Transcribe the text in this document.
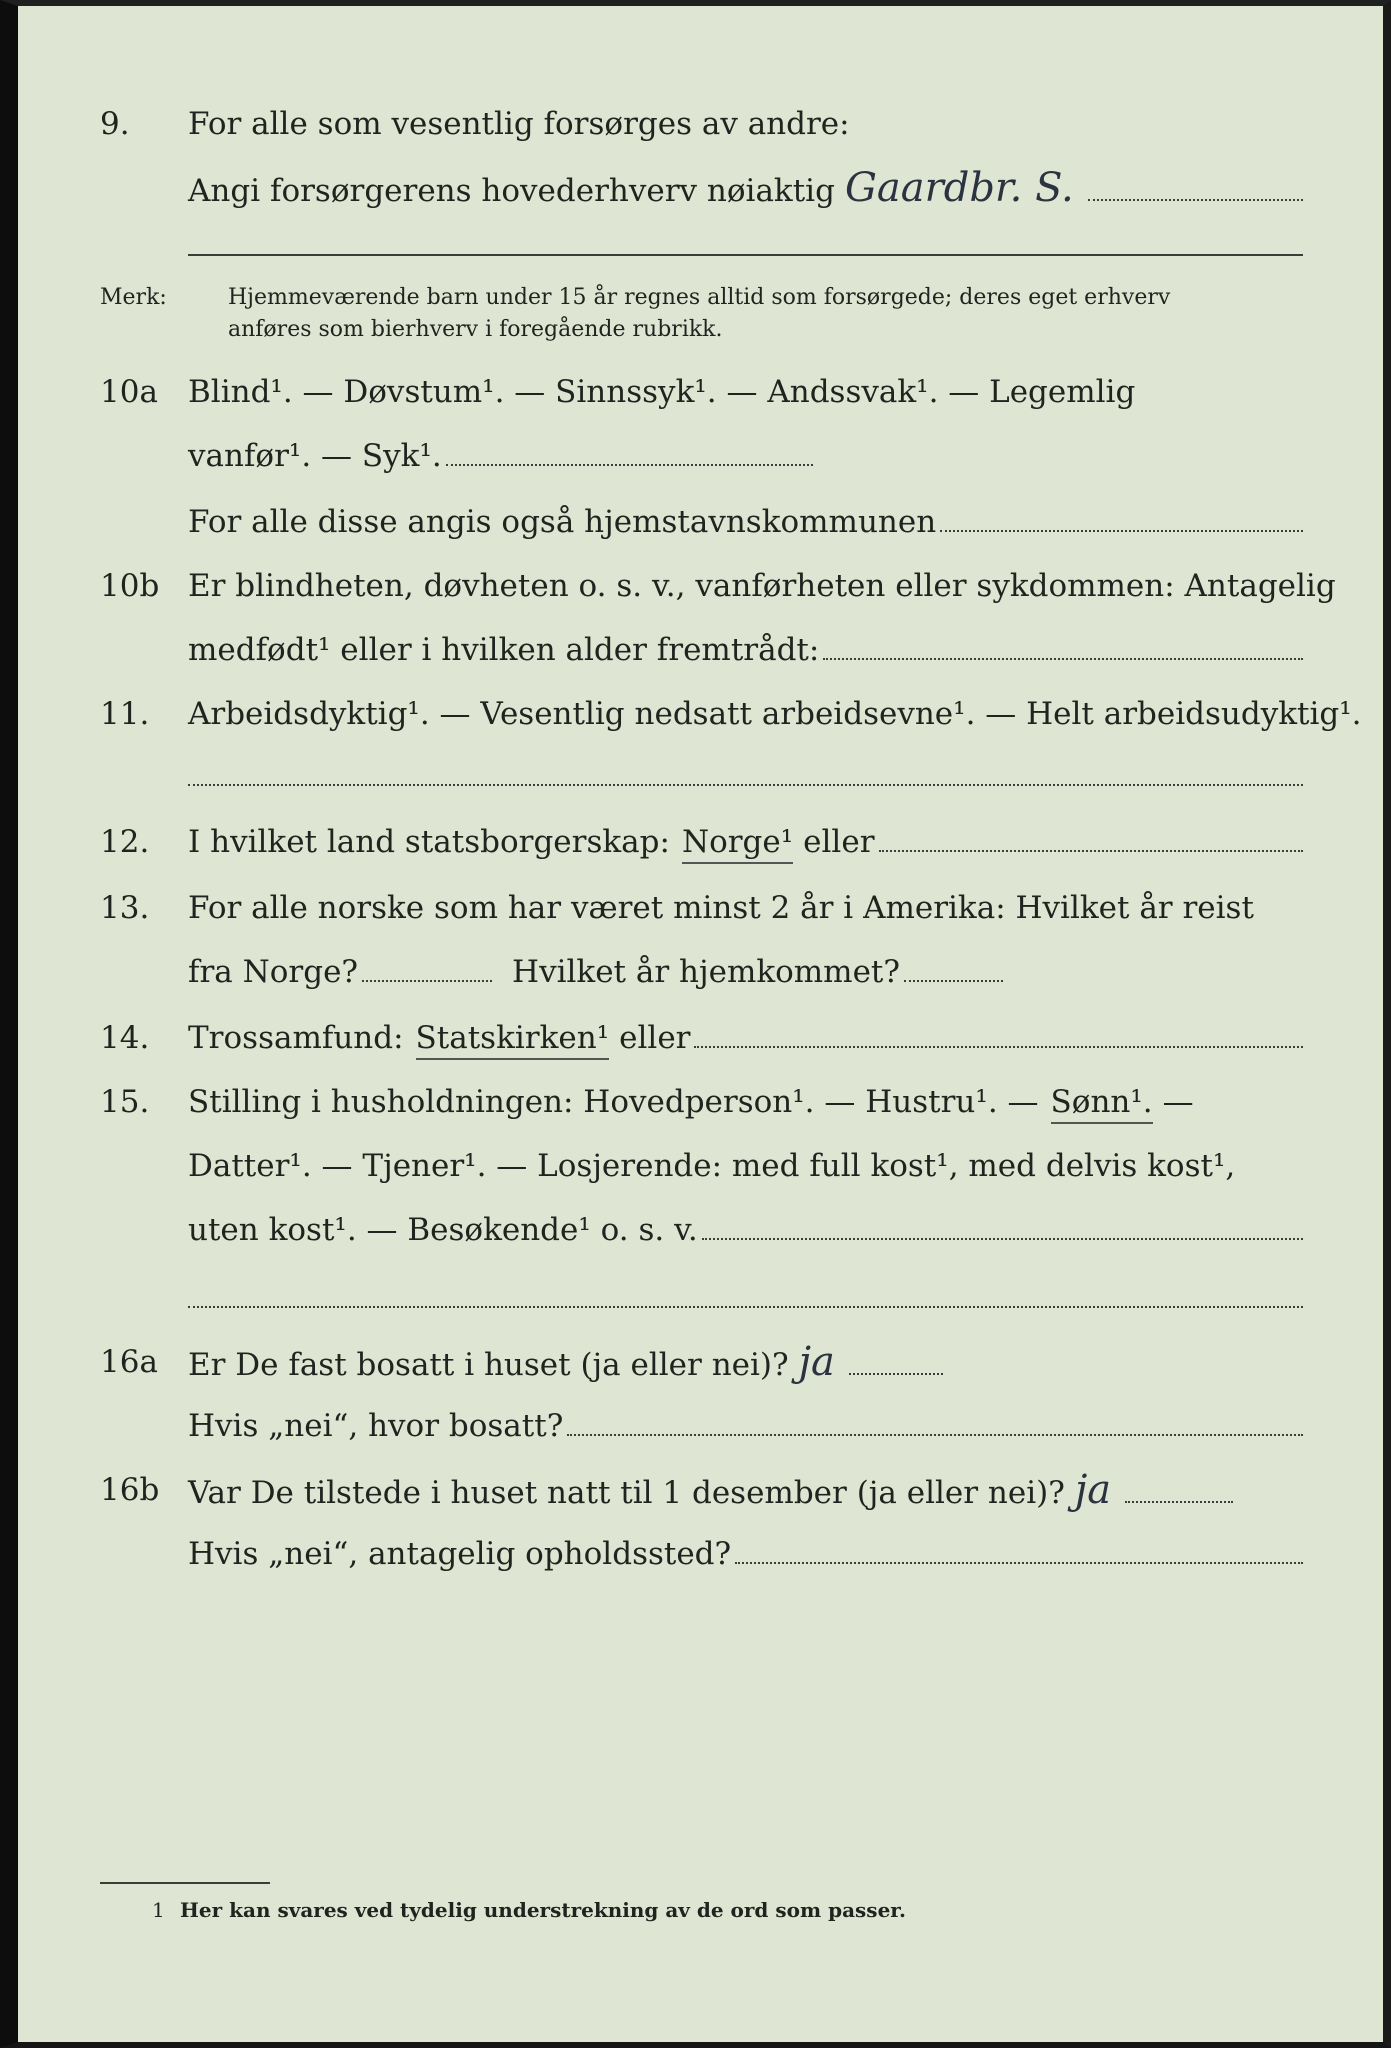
9.	For alle som vesentlig forsørges av andre:
Angi forsørgerens hovederhverv nøiaktig Gaardbr. S.
Merk:	Hjemmeværende barn under 15 år regnes alltid som forsørgede; deres eget erhverv
anføres som bierhverv i foregående rubrikk.
10a Blind¹. — Døvstum¹. — Sinnssyk¹. — Andssvak¹. — Legemlig
vanfør¹. — Syk¹.
For alle disse angis også hjemstavnskommunen
10b Er blindheten, døvheten o. s. v., vanførheten eller sykdommen: Antagelig
medfødt¹ eller i hvilken alder fremtrådt:
11.	Arbeidsdyktig¹. — Vesentlig nedsatt arbeidsevne¹. — Helt arbeidsudyktig¹.
12.	I hvilket land statsborgerskap: Norge¹ eller
13.	For alle norske som har været minst 2 år i Amerika: Hvilket år reist
fra Norge?	Hvilket år hjemkommet?
14.	Trossamfund: Statskirken¹ eller
15.	Stilling i husholdningen: Hovedperson¹. — Hustru¹. — Sønn¹. —
Datter¹. — Tjener¹. — Losjerende: med full kost¹, med delvis kost¹,
uten kost¹. — Besøkende¹ o. s. v.
16a Er De fast bosatt i huset (ja eller nei)? ja
Hvis „nei“, hvor bosatt?
16b Var De tilstede i huset natt til 1 desember (ja eller nei)? ja
Hvis „nei“, antagelig opholdssted?
1 Her kan svares ved tydelig understrekning av de ord som passer.
